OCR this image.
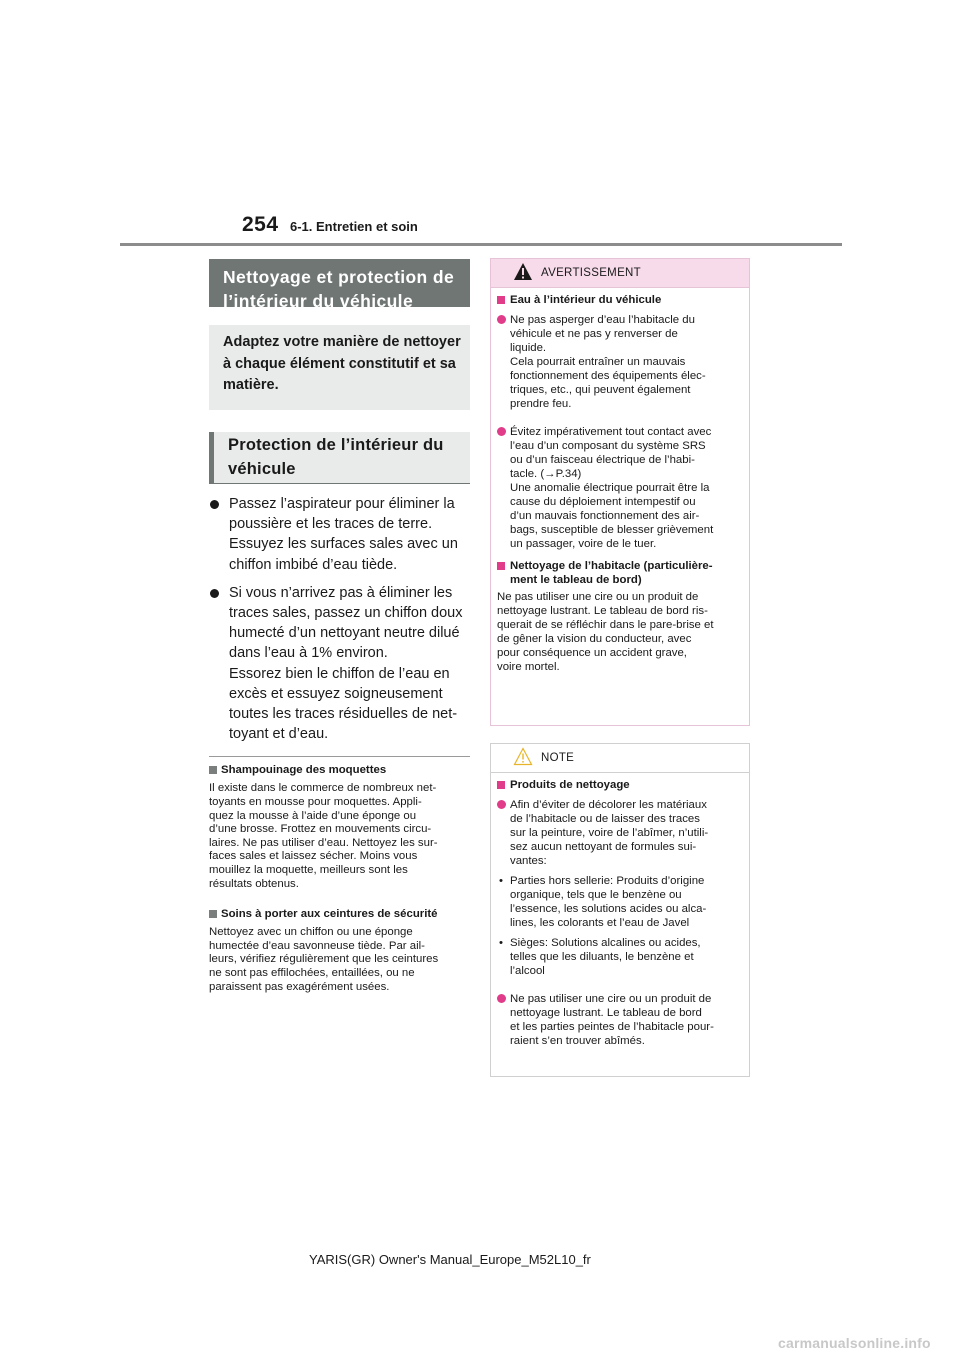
254 6-1. Entretien et soin
Nettoyage et protection de
l’intérieur du véhicule
Adaptez votre manière de nettoyer
à chaque élément constitutif et sa
matière.
Protection de l’intérieur du
véhicule
Passez l’aspirateur pour éliminer la
poussière et les traces de terre.
Essuyez les surfaces sales avec un
chiffon imbibé d’eau tiède.
Si vous n’arrivez pas à éliminer les
traces sales, passez un chiffon doux
humecté d’un nettoyant neutre dilué
dans l’eau à 1% environ.
Essorez bien le chiffon de l’eau en
excès et essuyez soigneusement
toutes les traces résiduelles de net-
toyant et d’eau.
Shampouinage des moquettes
Il existe dans le commerce de nombreux net-
toyants en mousse pour moquettes. Appli-
quez la mousse à l’aide d’une éponge ou
d’une brosse. Frottez en mouvements circu-
laires. Ne pas utiliser d’eau. Nettoyez les sur-
faces sales et laissez sécher. Moins vous
mouillez la moquette, meilleurs sont les
résultats obtenus.
Soins à porter aux ceintures de sécurité
Nettoyez avec un chiffon ou une éponge
humectée d’eau savonneuse tiède. Par ail-
leurs, vérifiez régulièrement que les ceintures
ne sont pas effilochées, entaillées, ou ne
paraissent pas exagérément usées.
AVERTISSEMENT
Eau à l’intérieur du véhicule
Ne pas asperger d’eau l’habitacle du
véhicule et ne pas y renverser de
liquide.
Cela pourrait entraîner un mauvais
fonctionnement des équipements élec-
triques, etc., qui peuvent également
prendre feu.
Évitez impérativement tout contact avec
l’eau d’un composant du système SRS
ou d’un faisceau électrique de l’habi-
tacle. (→P.34)
Une anomalie électrique pourrait être la
cause du déploiement intempestif ou
d’un mauvais fonctionnement des air-
bags, susceptible de blesser grièvement
un passager, voire de le tuer.
Nettoyage de l’habitacle (particulière-
ment le tableau de bord)
Ne pas utiliser une cire ou un produit de
nettoyage lustrant. Le tableau de bord ris-
querait de se réfléchir dans le pare-brise et
de gêner la vision du conducteur, avec
pour conséquence un accident grave,
voire mortel.
NOTE
Produits de nettoyage
Afin d’éviter de décolorer les matériaux
de l’habitacle ou de laisser des traces
sur la peinture, voire de l’abîmer, n’utili-
sez aucun nettoyant de formules sui-
vantes:
• Parties hors sellerie: Produits d’origine
organique, tels que le benzène ou
l’essence, les solutions acides ou alca-
lines, les colorants et l’eau de Javel
• Sièges: Solutions alcalines ou acides,
telles que les diluants, le benzène et
l’alcool
Ne pas utiliser une cire ou un produit de
nettoyage lustrant. Le tableau de bord
et les parties peintes de l’habitacle pour-
raient s’en trouver abîmés.
YARIS(GR) Owner's Manual_Europe_M52L10_fr
carmanualsonline.info
